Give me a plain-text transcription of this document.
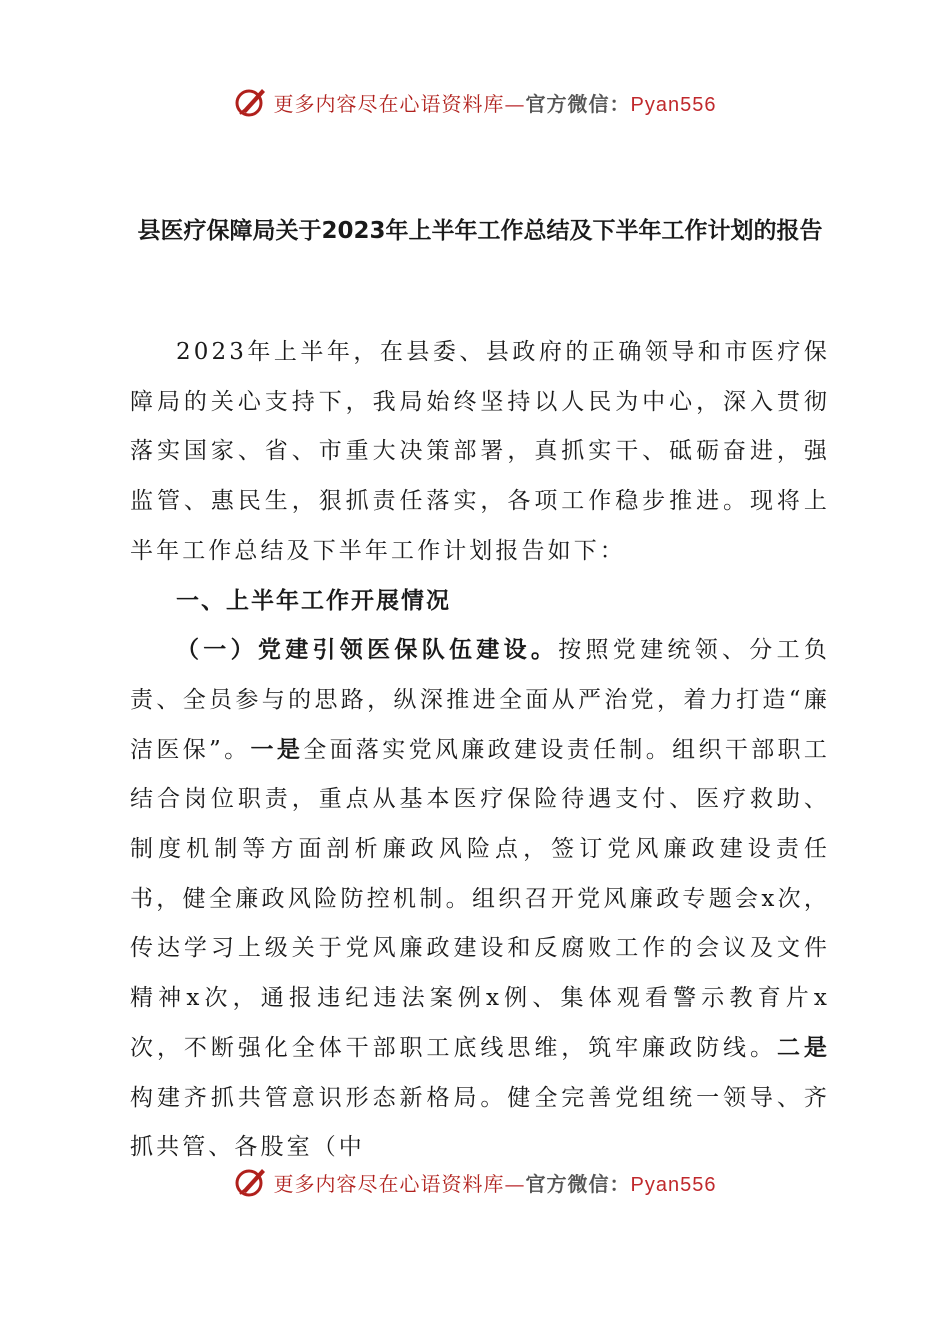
更多内容尽在心语资料库—官方微信：Pyan556
县医疗保障局关于2023年上半年工作总结及下半年工作计划的报告

2023年上半年，在县委、县政府的正确领导和市医疗保障局的关心支持下，我局始终坚持以人民为中心，深入贯彻落实国家、省、市重大决策部署，真抓实干、砥砺奋进，强监管、惠民生，狠抓责任落实，各项工作稳步推进。现将上半年工作总结及下半年工作计划报告如下：

一、上半年工作开展情况

（一）党建引领医保队伍建设。按照党建统领、分工负责、全员参与的思路，纵深推进全面从严治党，着力打造“廉洁医保”。一是全面落实党风廉政建设责任制。组织干部职工结合岗位职责，重点从基本医疗保险待遇支付、医疗救助、制度机制等方面剖析廉政风险点，签订党风廉政建设责任书，健全廉政风险防控机制。组织召开党风廉政专题会x次，传达学习上级关于党风廉政建设和反腐败工作的会议及文件精神x次，通报违纪违法案例x例、集体观看警示教育片x次，不断强化全体干部职工底线思维，筑牢廉政防线。二是构建齐抓共管意识形态新格局。健全完善党组统一领导、齐抓共管、各股室（中

更多内容尽在心语资料库—官方微信：Pyan556
